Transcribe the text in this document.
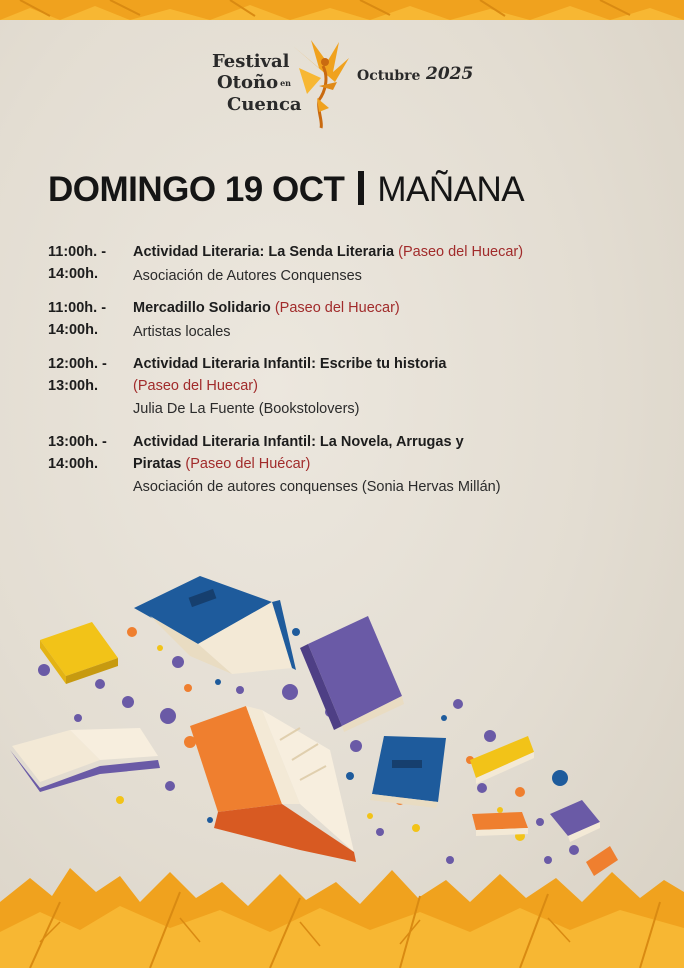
Festival
Otoño en
Cuenca
Octubre 2025
DOMINGO 19 OCT MAÑANA
11:00h. -
14:00h.
Actividad Literaria: La Senda Literaria (Paseo del Huecar)
Asociación de Autores Conquenses
11:00h. -
14:00h.
Mercadillo Solidario (Paseo del Huecar)
Artistas locales
12:00h. -
13:00h.
Actividad Literaria Infantil: Escribe tu historia
(Paseo del Huecar)
Julia De La Fuente (Bookstolovers)
13:00h. -
14:00h.
Actividad Literaria Infantil: La Novela, Arrugas y Piratas (Paseo del Huécar)
Asociación de autores conquenses (Sonia Hervas Millán)
